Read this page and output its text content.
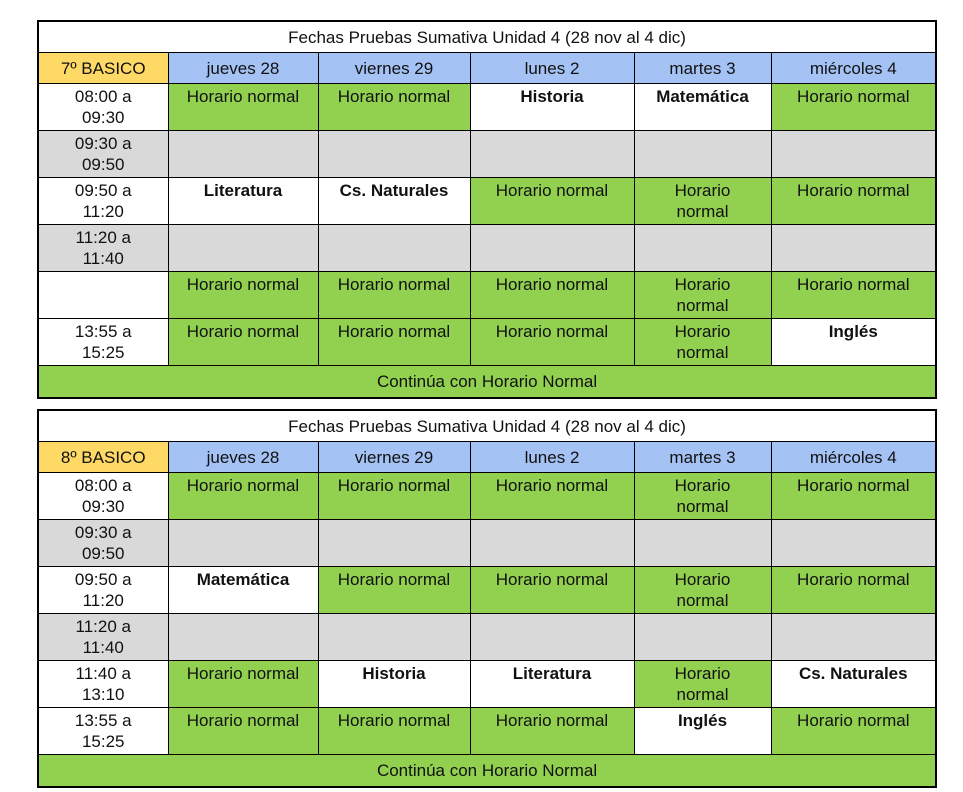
Fechas Pruebas Sumativa Unidad 4 (28 nov al 4 dic)					
7º BASICO	jueves 28	viernes 29	lunes 2	martes 3	miércoles 4

08:00 a
09:30	Horario normal	Horario normal	Historia	Matemática	Horario normal

09:30 a
09:50					

09:50 a
11:20	Literatura	Cs. Naturales	Horario normal	Horario normal	Horario normal

11:20 a
11:40					

	Horario normal	Horario normal	Horario normal	Horario normal	Horario normal

13:55 a
15:25	Horario normal	Horario normal	Horario normal	Horario normal	Inglés
Continúa con Horario Normal					
Fechas Pruebas Sumativa Unidad 4 (28 nov al 4 dic)					
8º BASICO	jueves 28	viernes 29	lunes 2	martes 3	miércoles 4

08:00 a
09:30	Horario normal	Horario normal	Horario normal	Horario normal	Horario normal

09:30 a
09:50					

09:50 a
11:20	Matemática	Horario normal	Horario normal	Horario normal	Horario normal

11:20 a
11:40					

11:40 a
13:10	Horario normal	Historia	Literatura	Horario normal	Cs. Naturales

13:55 a
15:25	Horario normal	Horario normal	Horario normal	Inglés	Horario normal
Continúa con Horario Normal					
